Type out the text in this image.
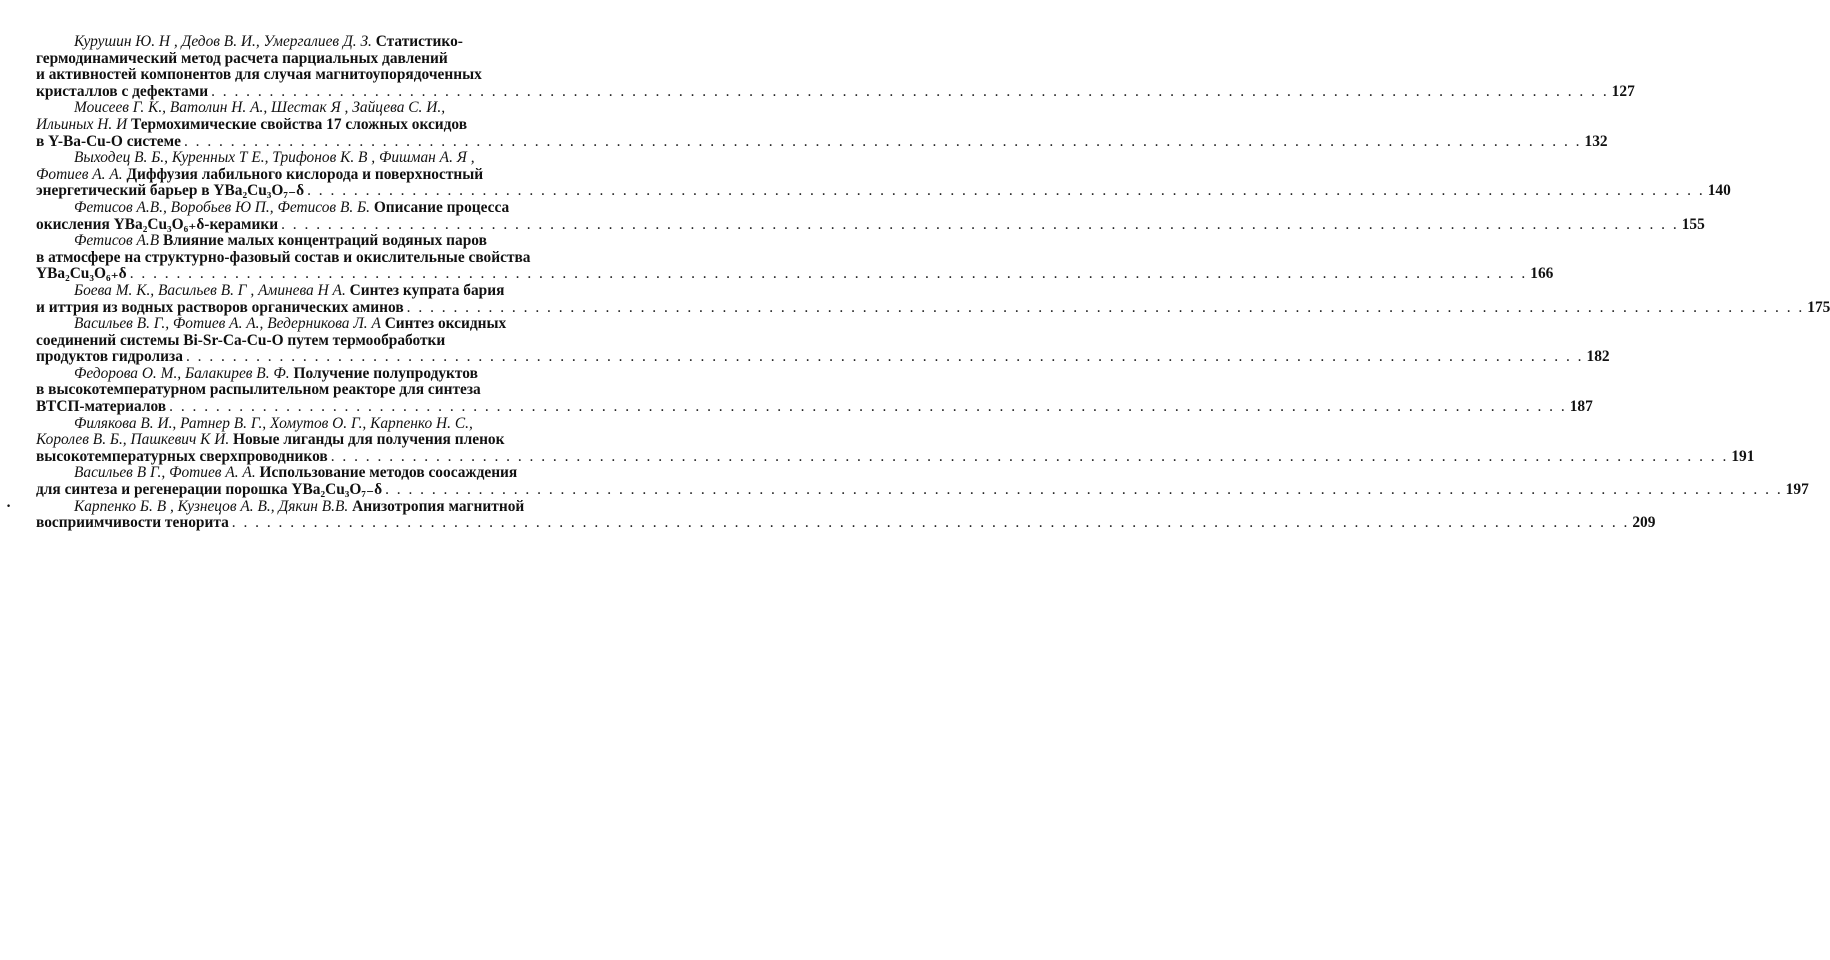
Курушин Ю. Н , Дедов В. И., Умергалиев Д. З. Статистико-
гермодинамический метод расчета парциальных давлений
и активностей компонентов для случая магнитоупорядоченных
кристаллов с дефектами . . . . . . . . . . . . . . . . . . . . . . . . . . . . . . . . . . . . . . . . . . . . . . . . . . . . . . . . . . . . . . . . . . . . . . . . . . . . . . . . . . . . . . . . . . . . . . . . . . . . . . . . . . . . . . . . . . . . . . . . 127
Моисеев Г. К., Ватолин Н. А., Шестак Я , Зайцева С. И.,
Ильиных Н. И Термохимические свойства 17 сложных оксидов
в Y-Ba-Cu-O системе . . . . . . . . . . . . . . . . . . . . . . . . . . . . . . . . . . . . . . . . . . . . . . . . . . . . . . . . . . . . . . . . . . . . . . . . . . . . . . . . . . . . . . . . . . . . . . . . . . . . . . . . . . . . . . . . . . . . . . . . 132
Выходец В. Б., Куренных Т Е., Трифонов К. В , Фишман А. Я ,
Фотиев А. А. Диффузия лабильного кислорода и поверхностный
энергетический барьер в YBa₂Cu₃O₇₋δ . . . . . . . . . . . . . . . . . . . . . . . . . . . . . . . . . . . . . . . . . . . . . . . . . . . . . . . . . . . . . . . . . . . . . . . . . . . . . . . . . . . . . . . . . . . . . . . . . . . . . . . . . . . . . . . . . . . . . . . . 140
Фетисов А.В., Воробьев Ю П., Фетисов В. Б. Описание процесса
окисления YBa₂Cu₃O₆₊δ-керамики . . . . . . . . . . . . . . . . . . . . . . . . . . . . . . . . . . . . . . . . . . . . . . . . . . . . . . . . . . . . . . . . . . . . . . . . . . . . . . . . . . . . . . . . . . . . . . . . . . . . . . . . . . . . . . . . . . . . . . . . 155
Фетисов А.В Влияние малых концентраций водяных паров
в атмосфере на структурно-фазовый состав и окислительные свойства
YBa₂Cu₃O₆₊δ . . . . . . . . . . . . . . . . . . . . . . . . . . . . . . . . . . . . . . . . . . . . . . . . . . . . . . . . . . . . . . . . . . . . . . . . . . . . . . . . . . . . . . . . . . . . . . . . . . . . . . . . . . . . . . . . . . . . . . . . 166
Боева М. К., Васильев В. Г , Аминева Н А. Синтез купрата бария
и иттрия из водных растворов органических аминов . . . . . . . . . . . . . . . . . . . . . . . . . . . . . . . . . . . . . . . . . . . . . . . . . . . . . . . . . . . . . . . . . . . . . . . . . . . . . . . . . . . . . . . . . . . . . . . . . . . . . . . . . . . . . . . . . . . . . . . . 175
Васильев В. Г., Фотиев А. А., Ведерникова Л. А Синтез оксидных
соединений системы Bi-Sr-Ca-Cu-O путем термообработки
продуктов гидролиза . . . . . . . . . . . . . . . . . . . . . . . . . . . . . . . . . . . . . . . . . . . . . . . . . . . . . . . . . . . . . . . . . . . . . . . . . . . . . . . . . . . . . . . . . . . . . . . . . . . . . . . . . . . . . . . . . . . . . . . . 182
Федорова О. М., Балакирев В. Ф. Получение полупродуктов
в высокотемпературном распылительном реакторе для синтеза
ВТСП-материалов . . . . . . . . . . . . . . . . . . . . . . . . . . . . . . . . . . . . . . . . . . . . . . . . . . . . . . . . . . . . . . . . . . . . . . . . . . . . . . . . . . . . . . . . . . . . . . . . . . . . . . . . . . . . . . . . . . . . . . . . 187
Филякова В. И., Ратнер В. Г., Хомутов О. Г., Карпенко Н. С.,
Королев В. Б., Пашкевич К И. Новые лиганды для получения пленок
высокотемпературных сверхпроводников . . . . . . . . . . . . . . . . . . . . . . . . . . . . . . . . . . . . . . . . . . . . . . . . . . . . . . . . . . . . . . . . . . . . . . . . . . . . . . . . . . . . . . . . . . . . . . . . . . . . . . . . . . . . . . . . . . . . . . . . 191
Васильев В Г., Фотиев А. А. Использование методов соосаждения
для синтеза и регенерации порошка YBa₂Cu₃O₇₋δ . . . . . . . . . . . . . . . . . . . . . . . . . . . . . . . . . . . . . . . . . . . . . . . . . . . . . . . . . . . . . . . . . . . . . . . . . . . . . . . . . . . . . . . . . . . . . . . . . . . . . . . . . . . . . . . . . . . . . . . . 197
·	Карпенко Б. В , Кузнецов А. В., Дякин В.В. Анизотропия магнитной
восприимчивости тенорита . . . . . . . . . . . . . . . . . . . . . . . . . . . . . . . . . . . . . . . . . . . . . . . . . . . . . . . . . . . . . . . . . . . . . . . . . . . . . . . . . . . . . . . . . . . . . . . . . . . . . . . . . . . . . . . . . . . . . . . . 209
